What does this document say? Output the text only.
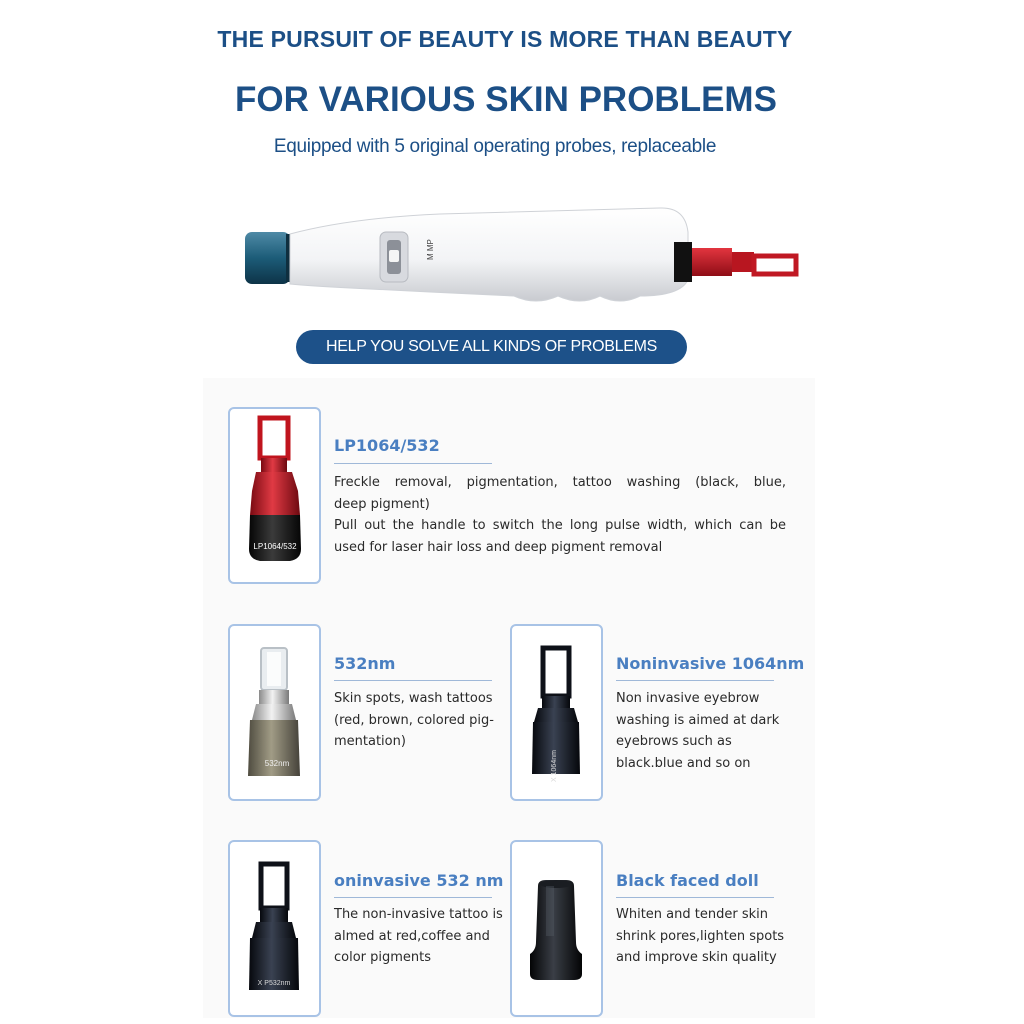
THE PURSUIT OF BEAUTY IS MORE THAN BEAUTY
FOR VARIOUS SKIN PROBLEMS
Equipped with 5 original operating probes, replaceable
M MP
HELP YOU SOLVE ALL KINDS OF PROBLEMS
LP1064/532
LP1064/532
Freckle removal, pigmentation, tattoo washing (black, blue,
deep pigment)
Pull out the handle to switch the long pulse width, which can be
used for laser hair loss and deep pigment removal
532nm
532nm
Skin spots, wash tattoos
(red, brown, colored pig-
mentation)
X 1064nm
Noninvasive 1064nm
Non invasive eyebrow
washing is aimed at dark
eyebrows such as
black.blue and so on
X P532nm
oninvasive 532 nm
The non-invasive tattoo is
almed at red,coffee and
color pigments
Black faced doll
Whiten and tender skin
shrink pores,lighten spots
and improve skin quality
